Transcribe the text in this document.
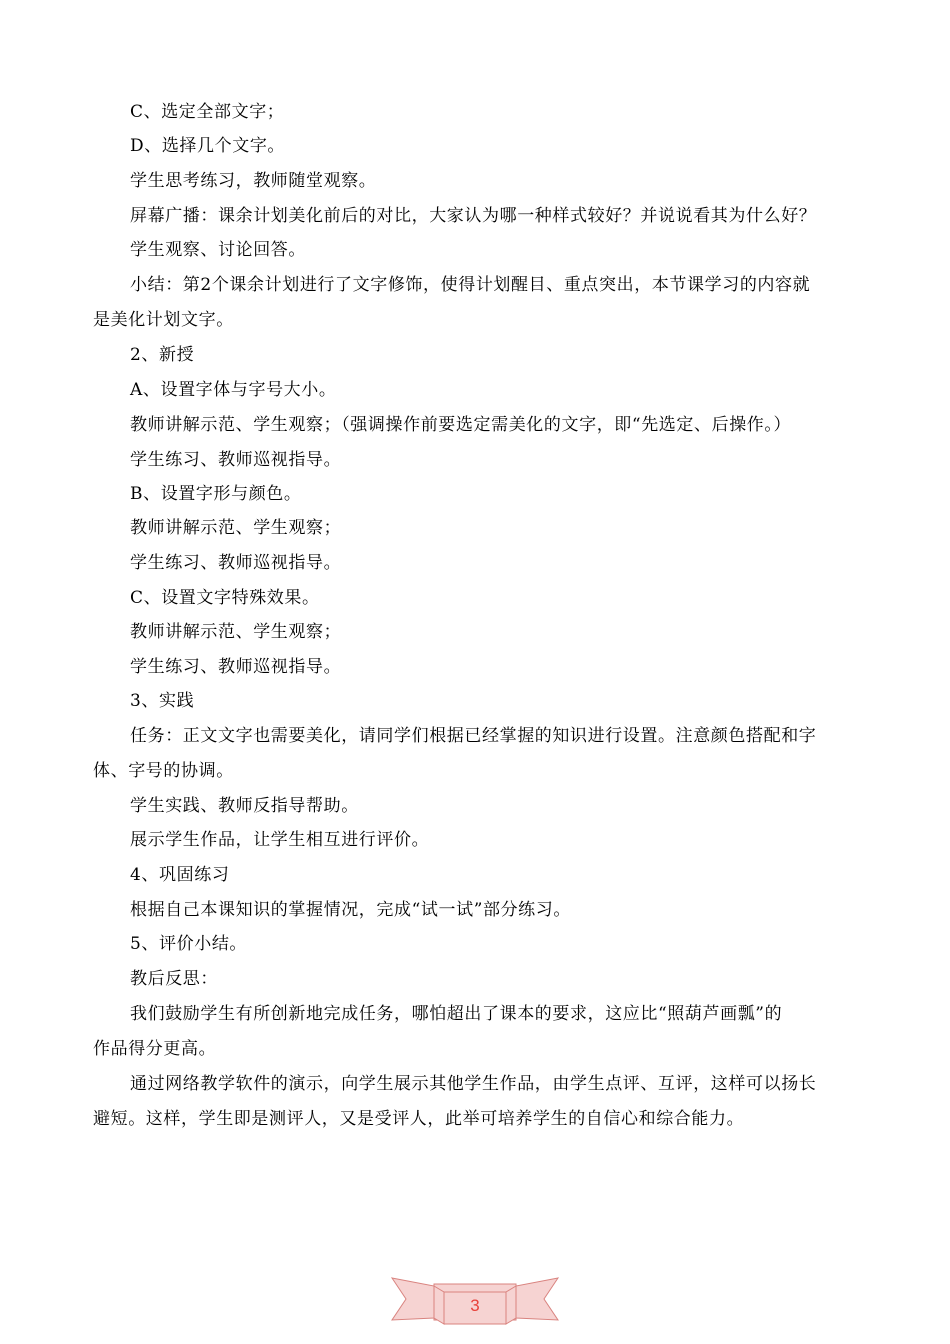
C、选定全部文字；
D、选择几个文字。
学生思考练习，教师随堂观察。
屏幕广播：课余计划美化前后的对比，大家认为哪一种样式较好？并说说看其为什么好？
学生观察、讨论回答。
小结：第2个课余计划进行了文字修饰，使得计划醒目、重点突出，本节课学习的内容就
是美化计划文字。
2、新授
A、设置字体与字号大小。
教师讲解示范、学生观察；（强调操作前要选定需美化的文字，即“先选定、后操作。）
学生练习、教师巡视指导。
B、设置字形与颜色。
教师讲解示范、学生观察；
学生练习、教师巡视指导。
C、设置文字特殊效果。
教师讲解示范、学生观察；
学生练习、教师巡视指导。
3、实践
任务：正文文字也需要美化，请同学们根据已经掌握的知识进行设置。注意颜色搭配和字
体、字号的协调。
学生实践、教师反指导帮助。
展示学生作品，让学生相互进行评价。
4、巩固练习
根据自己本课知识的掌握情况，完成“试一试”部分练习。
5、评价小结。
教后反思：
我们鼓励学生有所创新地完成任务，哪怕超出了课本的要求，这应比“照葫芦画瓢”的
作品得分更高。
通过网络教学软件的演示，向学生展示其他学生作品，由学生点评、互评，这样可以扬长
避短。这样，学生即是测评人，又是受评人，此举可培养学生的自信心和综合能力。
3
